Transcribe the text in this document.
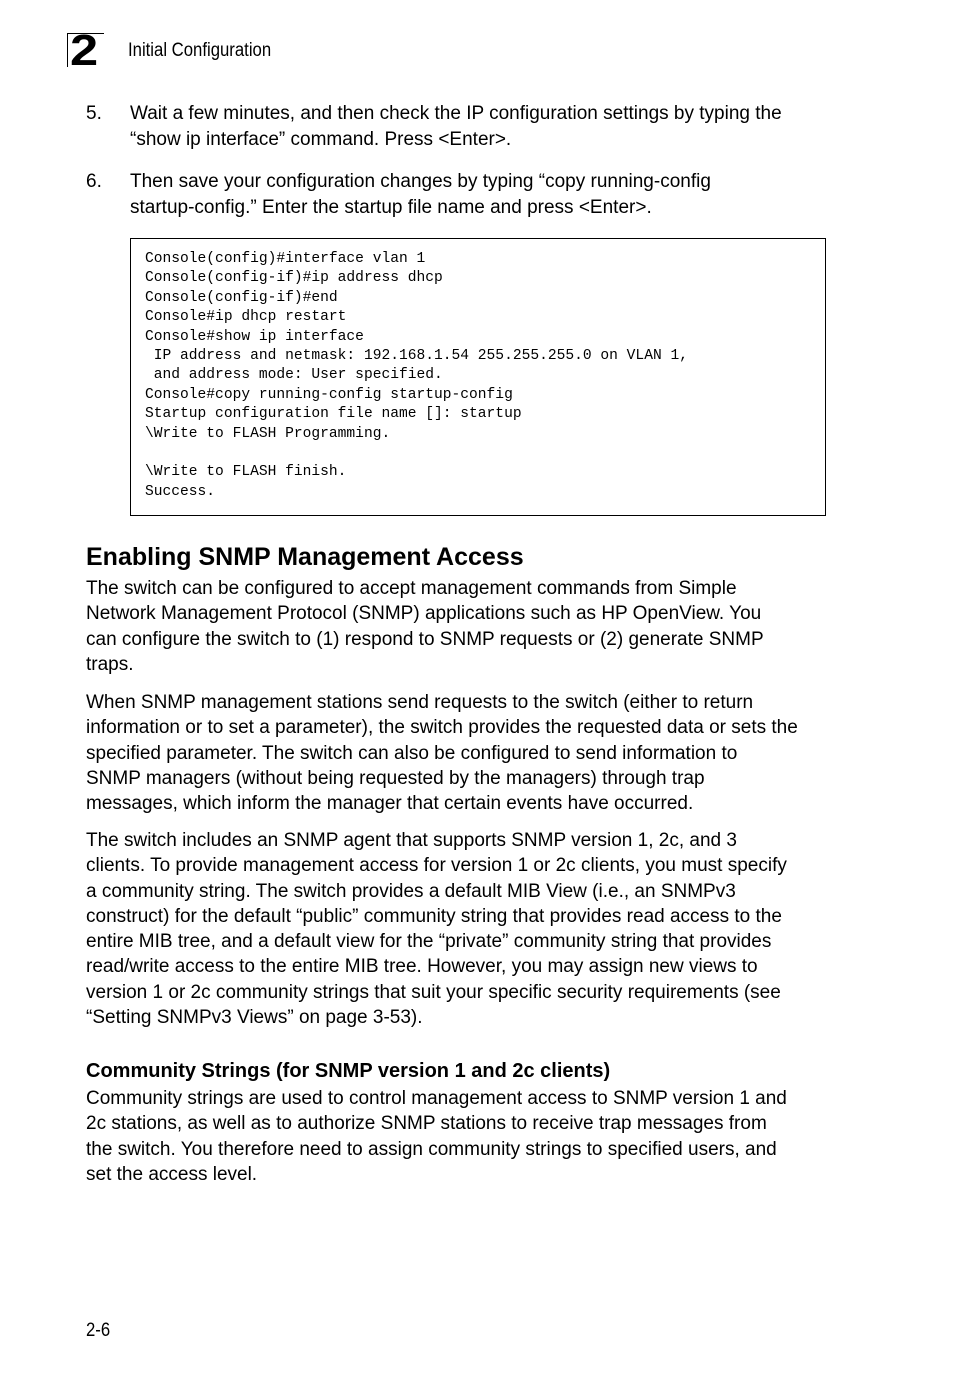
2 Initial Configuration
5. Wait a few minutes, and then check the IP configuration settings by typing the
“show ip interface” command. Press <Enter>.
6. Then save your configuration changes by typing “copy running-config
startup-config.” Enter the startup file name and press <Enter>.
Console(config)#interface vlan 1
Console(config-if)#ip address dhcp
Console(config-if)#end
Console#ip dhcp restart
Console#show ip interface
IP address and netmask: 192.168.1.54 255.255.255.0 on VLAN 1,
and address mode: User specified.
Console#copy running-config startup-config
Startup configuration file name []: startup
\Write to FLASH Programming.
\Write to FLASH finish.
Success.
Enabling SNMP Management Access
The switch can be configured to accept management commands from Simple
Network Management Protocol (SNMP) applications such as HP OpenView. You
can configure the switch to (1) respond to SNMP requests or (2) generate SNMP
traps.
When SNMP management stations send requests to the switch (either to return
information or to set a parameter), the switch provides the requested data or sets the
specified parameter. The switch can also be configured to send information to
SNMP managers (without being requested by the managers) through trap
messages, which inform the manager that certain events have occurred.
The switch includes an SNMP agent that supports SNMP version 1, 2c, and 3
clients. To provide management access for version 1 or 2c clients, you must specify
a community string. The switch provides a default MIB View (i.e., an SNMPv3
construct) for the default “public” community string that provides read access to the
entire MIB tree, and a default view for the “private” community string that provides
read/write access to the entire MIB tree. However, you may assign new views to
version 1 or 2c community strings that suit your specific security requirements (see
“Setting SNMPv3 Views” on page 3-53).
Community Strings (for SNMP version 1 and 2c clients)
Community strings are used to control management access to SNMP version 1 and
2c stations, as well as to authorize SNMP stations to receive trap messages from
the switch. You therefore need to assign community strings to specified users, and
set the access level.
2-6
